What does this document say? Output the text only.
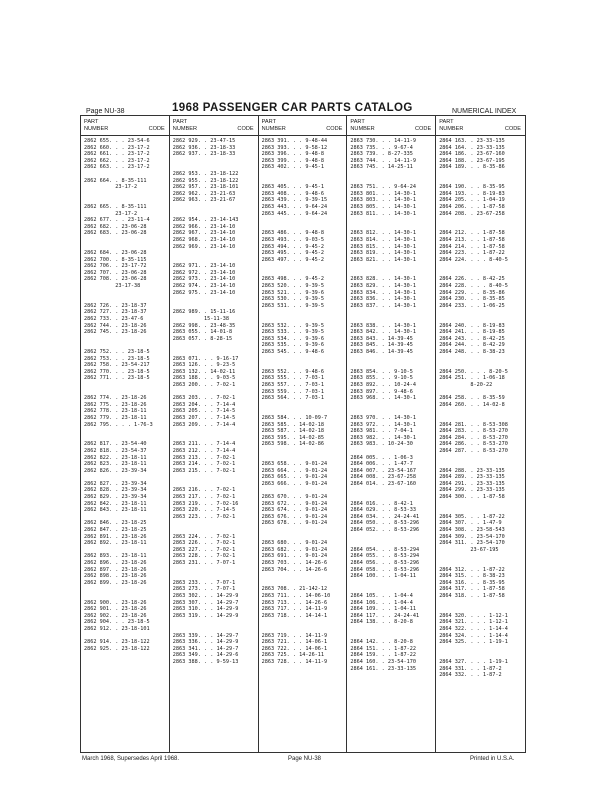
Page NU-38	1968 PASSENGER CAR PARTS CATALOG	NUMERICAL INDEX
PART
NUMBER	CODE
2862 655. . . 23-54-6
2862 660. . . 23-17-2
2862 661. . . 23-17-2
2862 662. . . 23-17-2
2862 663. . . 23-17-2
2862 664. . 8-35-111
23-17-2
2862 665. . 8-35-111
23-17-2
2862 677. . . 23-11-4
2862 682. . 23-06-28
2862 683. . 23-06-28
2862 684. . 23-06-28
2862 700. . 8-35-115
2862 706. . 23-17-72
2862 707. . 23-06-28
2862 708. . 23-06-28
23-17-38
2862 726. . 23-18-37
2862 727. . 23-18-37
2862 733. . 23-47-6
2862 744. . 23-18-26
2862 745. . 23-18-26
2862 752. . . 23-18-5
2862 753. . . 23-18-5
2862 758. . 23-54-217
2862 770. . . 23-18-5
2862 771. . . 23-18-5
2862 774. . 23-18-26
2862 775. . 23-18-26
2862 778. . 23-18-11
2862 779. . 23-18-11
2862 795. . . . 1-76-3
2862 817. . 23-54-40
2862 818. . 23-54-37
2862 822. . 23-18-11
2862 823. . 23-18-11
2862 826. . 23-39-34
2862 827. . 23-39-34
2862 828. . 23-39-34
2862 829. . 23-39-34
2862 842. . 23-18-11
2862 843. . 23-18-11
2862 846. . 23-18-25
2862 847. . 23-18-25
2862 891. . 23-18-26
2862 892. . 23-18-11
2862 893. . 23-18-11
2862 896. . 23-18-26
2862 897. . 23-18-26
2862 898. . 23-18-26
2862 899. . 23-18-26
2862 900. . 23-18-26
2862 901. . 23-18-26
2862 902. . 23-18-26
2862 904. . . 23-18-5
2862 912. . 23-18-101
2862 914. . 23-18-122
2862 925. . 23-18-122
PART
NUMBER	CODE
2862 929. . 23-47-15
2862 936. . 23-18-33
2862 937. . 23-18-33
2862 953. . 23-18-122
2862 955. . 23-18-122
2862 957. . 23-18-101
2862 962. . 23-21-63
2862 963. . 23-21-67
2862 954. . 23-14-143
2862 966. . 23-14-10
2862 967. . 23-14-10
2862 968. . 23-14-10
2862 969. . 23-14-10
2862 971. . 23-14-10
2862 972. . 23-14-10
2862 973. . 23-14-10
2862 974. . 23-14-10
2862 975. . 23-14-10
2862 989. . 15-11-16
15-11-38
2862 998. . 23-48-35
2863 055. . 14-01-8
2863 057. . 8-28-15
2863 071. . . 9-16-17
2863 126. . . 9-23-5
2863 132. . 14-02-11
2863 188. . . 9-03-5
2863 200. . . 7-02-1
2863 203. . . 7-02-1
2863 204. . . 7-14-4
2863 205. . . 7-14-5
2863 207. . . 7-14-5
2863 209. . . 7-14-4
2863 211. . . 7-14-4
2863 212. . . 7-14-4
2863 213. . . 7-02-1
2863 214. . . 7-02-1
2863 215. . . 7-02-1
2863 216. . . 7-02-1
2863 217. . . 7-02-1
2863 219. . . 7-02-16
2863 220. . . 7-14-5
2863 223. . . 7-02-1
2863 224. . . 7-02-1
2863 226. . . 7-02-1
2863 227. . . 7-02-1
2863 228. . . 7-02-1
2863 231. . . 7-07-1
2863 233. . . 7-07-1
2863 273. . . 7-07-1
2863 302. . . 14-29-9
2863 307. . . 14-29-7
2863 310. . . 14-29-9
2863 319. . . 14-29-9
2863 339. . . 14-29-7
2863 336. . . 14-29-9
2863 341. . . 14-29-7
2863 349. . . 14-29-6
2863 388. . . 9-59-13
PART
NUMBER	CODE
2863 391. . . 9-48-44
2863 393. . . 9-58-12
2863 396. . . 9-48-8
2863 399. . . 9-48-8
2863 402. . . 9-45-1
2863 405. . . 9-45-1
2863 408. . . 9-48-6
2863 439. . . 9-39-15
2863 443. . . 9-64-24
2863 445. . . 9-64-24
2863 486. . . 9-48-8
2863 493. . . 9-03-5
2863 494. . . 9-45-2
2863 495. . . 9-45-2
2863 497. . . 9-45-2
2863 498. . . 9-45-2
2863 520. . . 9-39-5
2863 521. . . 9-39-6
2863 530. . . 9-39-5
2863 531. . . 9-39-5
2863 532. . . 9-39-5
2863 533. . . 9-39-5
2863 534. . . 9-39-6
2863 535. . . 9-39-6
2863 545. . . 9-48-6
2863 552. . . 9-48-6
2863 555. . . 7-03-1
2863 557. . . 7-03-1
2863 559. . . 7-03-1
2863 564. . . 7-03-1
2863 584. . . 10-09-7
2863 585. . 14-02-18
2863 587. . 14-02-18
2863 595. . 14-02-85
2863 598. . 14-02-86
2863 658. . . 9-01-24
2863 664. . . 9-01-24
2863 665. . . 9-01-24
2863 666. . . 9-01-24
2863 670. . . 9-01-24
2863 672. . . 9-01-24
2863 674. . . 9-01-24
2863 676. . . 9-01-24
2863 678. . . 9-01-24
2863 680. . . 9-01-24
2863 682. . . 9-01-24
2863 691. . . 9-01-24
2863 703. . . 14-26-6
2863 704. . . 14-26-6
2863 708. . 21-142-12
2863 711. . . 14-06-10
2863 713. . . 14-26-6
2863 717. . . 14-11-9
2863 718. . . 14-14-1
2863 719. . . 14-11-9
2863 721. . . 14-06-1
2863 722. . . 14-06-1
2863 725. . 14-26-11
2863 728. . . 14-11-9
PART
NUMBER	CODE
2863 730. . . 14-11-9
2863 735. . . 9-67-4
2863 739. . 8-27-335
2863 744. . . 14-11-9
2863 745. . 14-25-11
2863 751. . . 9-64-24
2863 801. . . 14-30-1
2863 803. . . 14-30-1
2863 805. . . 14-30-1
2863 811. . . 14-30-1
2863 812. . . 14-30-1
2863 814. . . 14-30-1
2863 815. . . 14-30-1
2863 819. . . 14-30-1
2863 821. . . 14-30-1
2863 828. . . 14-30-1
2863 829. . . 14-30-1
2863 834. . . 14-30-1
2863 836. . . 14-30-1
2863 837. . . 14-30-1
2863 838. . . 14-30-1
2863 842. . . 14-30-1
2863 843. . 14-39-45
2863 845. . 14-39-45
2863 846. . 14-39-45
2863 854. . . 9-10-5
2863 855. . . 9-10-5
2863 892. . . 10-24-4
2863 897. . . 9-48-6
2863 968. . . 14-30-1
2863 970. . . 14-30-1
2863 972. . . 14-30-1
2863 981. . . 7-04-1
2863 982. . . 14-30-1
2863 983. . 10-24-30
2864 005. . . 1-06-3
2864 006. . . 1-47-7
2864 007. . 23-54-167
2864 008. . 23-67-258
2864 014. . 23-67-160
2864 016. . . 8-42-1
2864 029. . . 8-53-33
2864 034. . . 24-24-41
2864 050. . . 8-53-296
2864 052. . . 8-53-296
2864 054. . . 8-53-294
2864 055. . . 8-53-294
2864 056. . . 8-53-296
2864 058. . . 8-53-296
2864 100. . . 1-04-11
2864 105. . . 1-04-4
2864 106. . . 1-04-4
2864 109. . . 1-04-11
2864 117. . . 24-24-41
2864 138. . . 8-20-8
2864 142. . . 8-20-8
2864 151. . . 1-87-22
2864 159. . . 1-87-22
2864 160. . 23-54-170
2864 161. . 23-33-135
PART
NUMBER	CODE
2864 163. . 23-33-135
2864 164. . 23-33-135
2864 186. . 23-67-160
2864 188. . 23-67-195
2864 189. . . 8-35-86
2864 190. . . 8-35-95
2864 193. . . 8-19-83
2864 205. . . 1-04-19
2864 206. . . 1-87-58
2864 208. . 23-67-258
2864 212. . . 1-87-58
2864 213. . . 1-87-58
2864 214. . . 1-87-58
2864 223. . . 1-87-22
2864 224. . . . 8-40-5
2864 226. . . 8-42-25
2864 228. . . . 8-40-5
2864 229. . . 8-35-86
2864 230. . . 8-35-85
2864 233. . . 1-06-25
2864 240. . . 8-19-83
2864 241. . . 8-19-85
2864 243. . . 8-42-25
2864 244. . . 8-42-29
2864 248. . . 8-38-23
2864 250. . . . 8-20-5
2864 251. . . 1-06-18
8-20-22
2864 258. . . 8-35-59
2864 260. . . 14-02-8
2864 281. . . 8-53-308
2864 283. . . 8-53-270
2864 284. . . 8-53-270
2864 286. . . 8-53-270
2864 287. . . 8-53-270
2864 288. . 23-33-135
2864 289. . 23-33-135
2864 291. . 23-33-135
2864 299. . 23-33-135
2864 300. . . 1-87-58
2864 305. . . 1-87-22
2864 307. . . 1-47-9
2864 308. . 23-58-543
2864 309. . 23-54-170
2864 311. . 23-54-170
23-67-195
2864 312. . . 1-87-22
2864 315. . . 8-38-23
2864 316. . . 8-35-95
2864 317. . . 1-87-58
2864 318. . . 1-87-58
2864 320. . . . 1-12-1
2864 321. . . . 1-12-1
2864 322. . . . 1-14-4
2864 324. . . . 1-14-4
2864 325. . . . 1-19-1
2864 327. . . . 1-19-1
2864 331. . . 1-87-2
2864 332. . . 1-87-2
March 1968, Supersedes April 1968.	Page NU-38	Printed in U.S.A.
